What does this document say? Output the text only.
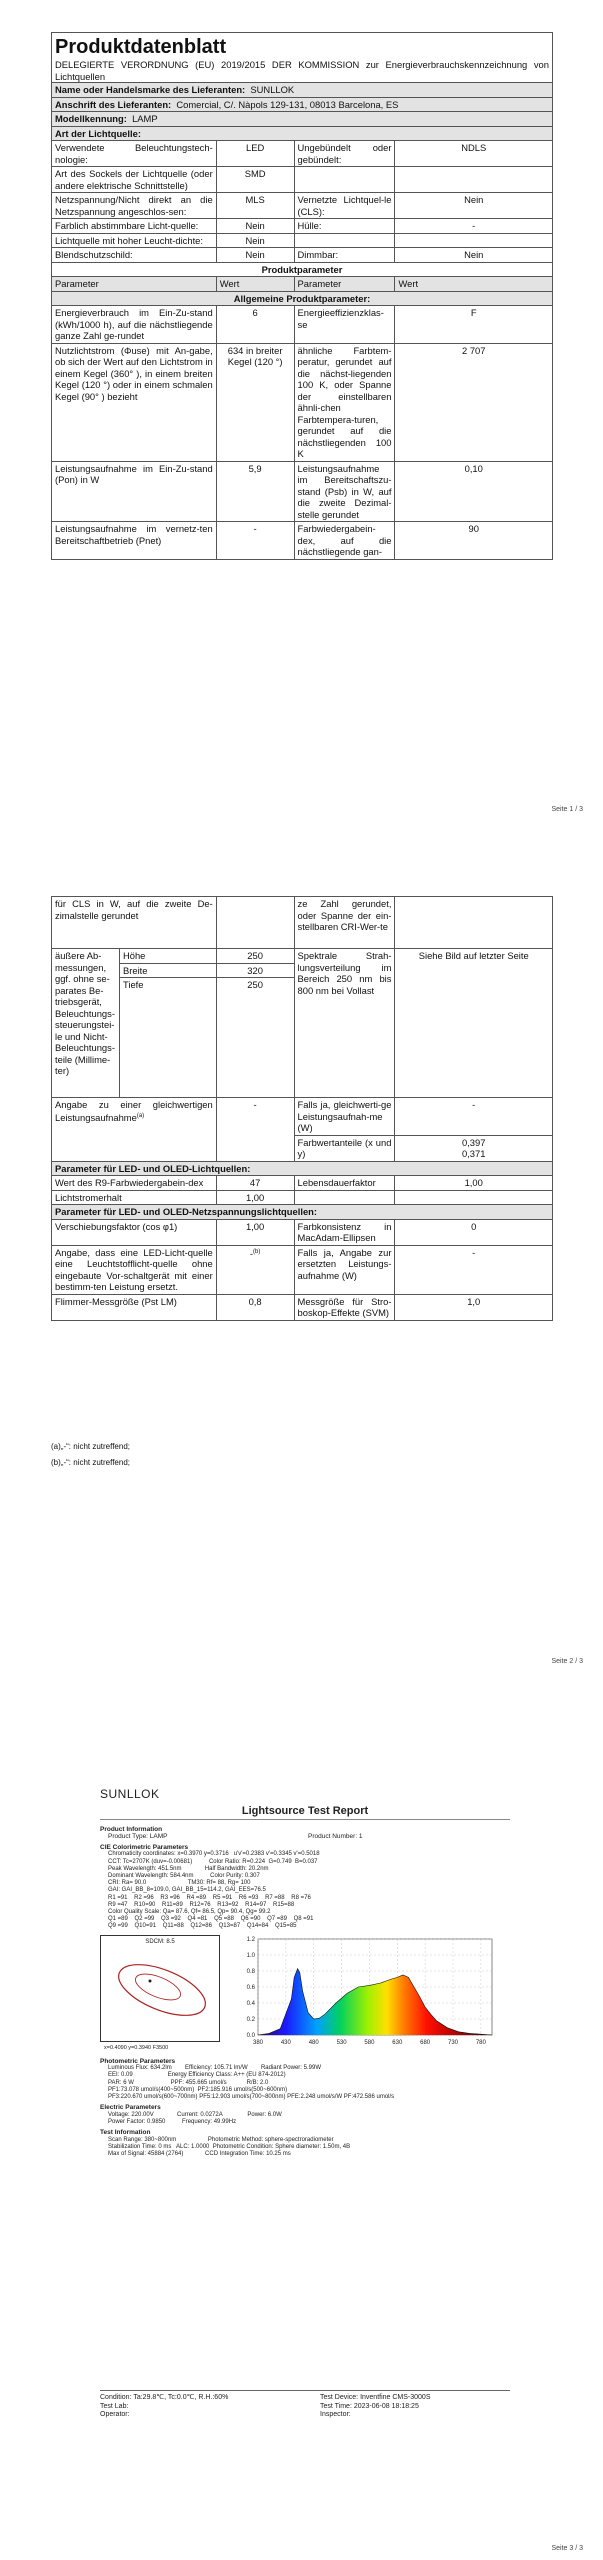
Produktdatenblatt
DELEGIERTE VERORDNUNG (EU) 2019/2015 DER KOMMISSION zur Energieverbrauchskennzeichnung von Lichtquellen			

Name oder Handelsmarke des Lieferanten: SUNLLOK			
Anschrift des Lieferanten: Comercial, C/. Nàpols 129-131, 08013 Barcelona, ES			
Modellkennung: LAMP			
Art der Lichtquelle:			
Verwendete Beleuchtungstech-nologie:	LED	Ungebündelt oder gebündelt:	NDLS
Art des Sockels der Lichtquelle (oder andere elektrische Schnittstelle)	SMD		
Netzspannung/Nicht direkt an die Netzspannung angeschlos-sen:	MLS	Vernetzte Lichtquel-le (CLS):	Nein
Farblich abstimmbare Licht-quelle:	Nein	Hülle:	-
Lichtquelle mit hoher Leucht-dichte:	Nein		
Blendschutzschild:	Nein	Dimmbar:	Nein
Produktparameter			
Parameter	Wert	Parameter	Wert
Allgemeine Produktparameter:			
Energieverbrauch im Ein-Zu-stand (kWh/1000 h), auf die nächstliegende ganze Zahl ge-rundet	6	Energieeffizienzklas-se	F
Nutzlichtstrom (Φuse) mit An-gabe, ob sich der Wert auf den Lichtstrom in einem Kegel (360° ), in einem breiten Kegel (120 °) oder in einem schmalen Kegel (90° ) bezieht	634 in breiter Kegel (120 °)	ähnliche Farbtem-peratur, gerundet auf die nächst-liegenden 100 K, oder Spanne der einstellbaren ähnli-chen Farbtempera-turen, gerundet auf die nächstliegenden 100 K	2 707
Leistungsaufnahme im Ein-Zu-stand (Pon) in W	5,9	Leistungsaufnahme im Bereitschaftszu-stand (Psb) in W, auf die zweite Dezimal-stelle gerundet	0,10
Leistungsaufnahme im vernetz-ten Bereitschaftbetrieb (Pnet)	-	Farbwiedergabein-dex, auf die nächstliegende gan-	90
Seite 1 / 3
für CLS in W, auf die zweite De-zimalstelle gerundet			ze Zahl gerundet, oder Spanne der ein-stellbaren CRI-Wer-te	
äußere Ab-messungen, ggf. ohne se-parates Be-triebsgerät, Beleuchtungs-steuerungstei-le und Nicht-Beleuchtungs-teile (Millime-ter)	Höhe	250	Spektrale Strah-lungsverteilung im Bereich 250 nm bis 800 nm bei Vollast	Siehe Bild auf letzter Seite
	Breite	320		
	Tiefe	250		
Angabe zu einer gleichwertigen Leistungsaufnahme$^{(a)}$		-	Falls ja, gleichwerti-ge Leistungsaufnah-me (W)	-
			Farbwertanteile (x und y)	0,397
0,371

Parameter für LED- und OLED-Lichtquellen:				
Wert des R9-Farbwiedergabein-dex		47	Lebensdauerfaktor	1,00
Lichtstromerhalt		1,00		
Parameter für LED- und OLED-Netzspannungslichtquellen:				
Verschiebungsfaktor (cos φ1)		1,00	Farbkonsistenz in MacAdam-Ellipsen	0
Angabe, dass eine LED-Licht-quelle eine Leuchtstofflicht-quelle ohne eingebaute Vor-schaltgerät mit einer bestimm-ten Leistung ersetzt.		-$^{(b)}$	Falls ja, Angabe zur ersetzten Leistungs-aufnahme (W)	-
Flimmer-Messgröße (Pst LM)		0,8	Messgröße für Stro-boskop-Effekte (SVM)	1,0
(a)„-“: nicht zutreffend;
(b)„-“: nicht zutreffend;
Seite 2 / 3
SUNLLOK
Lightsource Test Report
Product Information
Product Type: LAMP	Product Number: 1
CIE Colorimetric Parameters
Chromaticity coordinates: x=0.3970 y=0.3716   u'v'=0.2383 v'=0.3345 v'=0.5018
CCT: Tc=2707K (duv=-0.00681)          Color Ratio: R=0.224  G=0.749  B=0.037
Peak Wavelength: 451.5nm              Half Bandwidth: 20.2nm
Dominant Wavelength: 584.4nm          Color Purity: 0.307
CRI: Ra= 90.0                         TM30: Rf= 88, Rg= 100
GAI: GAI_BB_8=109.0, GAI_BB_15=114.2, GAI_EES=76.5
R1 =91    R2 =96    R3 =96    R4 =89    R5 =91    R6 =93    R7 =88    R8 =76
R9 =47    R10=90    R11=89    R12=76    R13=92    R14=97    R15=88
Color Quality Scale: Qa= 87.6, Qf= 86.5, Qp= 90.4, Qg= 99.2
Q1 =89    Q2 =99    Q3 =92    Q4 =81    Q5 =88    Q6 =90    Q7 =89    Q8 =91
Q9 =99    Q10=91    Q11=88    Q12=86    Q13=87    Q14=84    Q15=85
SDCM: 8.5
x=0.4090 y=0.3940 F3500
1.2
1.0
0.8
0.6
0.4
0.2
0.0
380	430	480	530	580	630	680	730	780
Photometric Parameters
Luminous Flux: 634.2lm        Efficiency: 105.71 lm/W        Radiant Power: 5.99W
EEI: 0.09                     Energy Efficiency Class: A++ (EU 874-2012)
PAR: 6 W                      PPF: 455.665 umol/s            R/B: 2.0
PF1:73.078 umol/s(400~500nm)  PF2:185.916 umol/s(500~600nm)
PF3:220.670 umol/s(600~700nm) PF5:12.903 umol/s(700~800nm) PFE:2.248 umol/s/W PF:472.586 umol/s
Electric Parameters
Voltage: 220.00V              Current: 0.0272A               Power: 6.0W
Power Factor: 0.9850          Frequency: 49.99Hz
Test Information
Scan Range: 380~800nm                   Photometric Method: sphere-spectroradiometer
Stabilization Time: 0 ms   ALC: 1.0000  Photometric Condition: Sphere diameter: 1.50m, 4B
Max of Signal: 45884 (2764)             CCD Integration Time: 10.25 ms
Condition: Ta:29.8℃, Tc:0.0℃, R.H.:60%	Test Device: Inventfine CMS-3000S
Test Lab:	Test Time: 2023-06-08 18:18:25
Operator:	Inspector:
Seite 3 / 3
